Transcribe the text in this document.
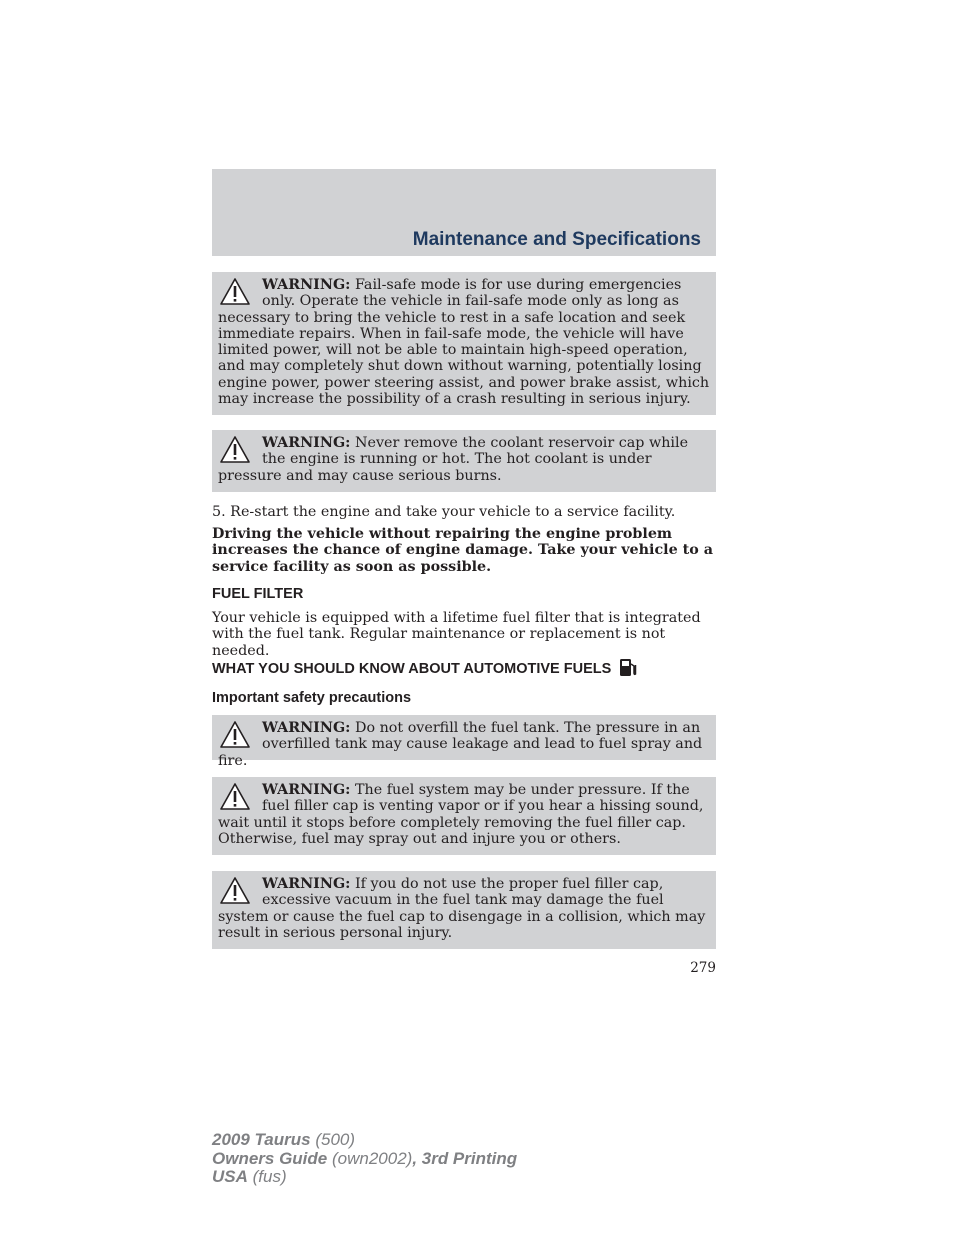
Maintenance and Specifications
WARNING: Fail-safe mode is for use during emergencies only. Operate the vehicle in fail-safe mode only as long as necessary to bring the vehicle to rest in a safe location and seek immediate repairs. When in fail-safe mode, the vehicle will have limited power, will not be able to maintain high-speed operation, and may completely shut down without warning, potentially losing engine power, power steering assist, and power brake assist, which may increase the possibility of a crash resulting in serious injury.
WARNING: Never remove the coolant reservoir cap while the engine is running or hot. The hot coolant is under pressure and may cause serious burns.
5. Re-start the engine and take your vehicle to a service facility.
Driving the vehicle without repairing the engine problem increases the chance of engine damage. Take your vehicle to a service facility as soon as possible.
FUEL FILTER
Your vehicle is equipped with a lifetime fuel filter that is integrated with the fuel tank. Regular maintenance or replacement is not needed.
WHAT YOU SHOULD KNOW ABOUT AUTOMOTIVE FUELS
Important safety precautions
WARNING: Do not overfill the fuel tank. The pressure in an overfilled tank may cause leakage and lead to fuel spray and fire.
WARNING: The fuel system may be under pressure. If the fuel filler cap is venting vapor or if you hear a hissing sound, wait until it stops before completely removing the fuel filler cap. Otherwise, fuel may spray out and injure you or others.
WARNING: If you do not use the proper fuel filler cap, excessive vacuum in the fuel tank may damage the fuel system or cause the fuel cap to disengage in a collision, which may result in serious personal injury.
279
2009 Taurus (500)
Owners Guide (own2002), 3rd Printing
USA (fus)
